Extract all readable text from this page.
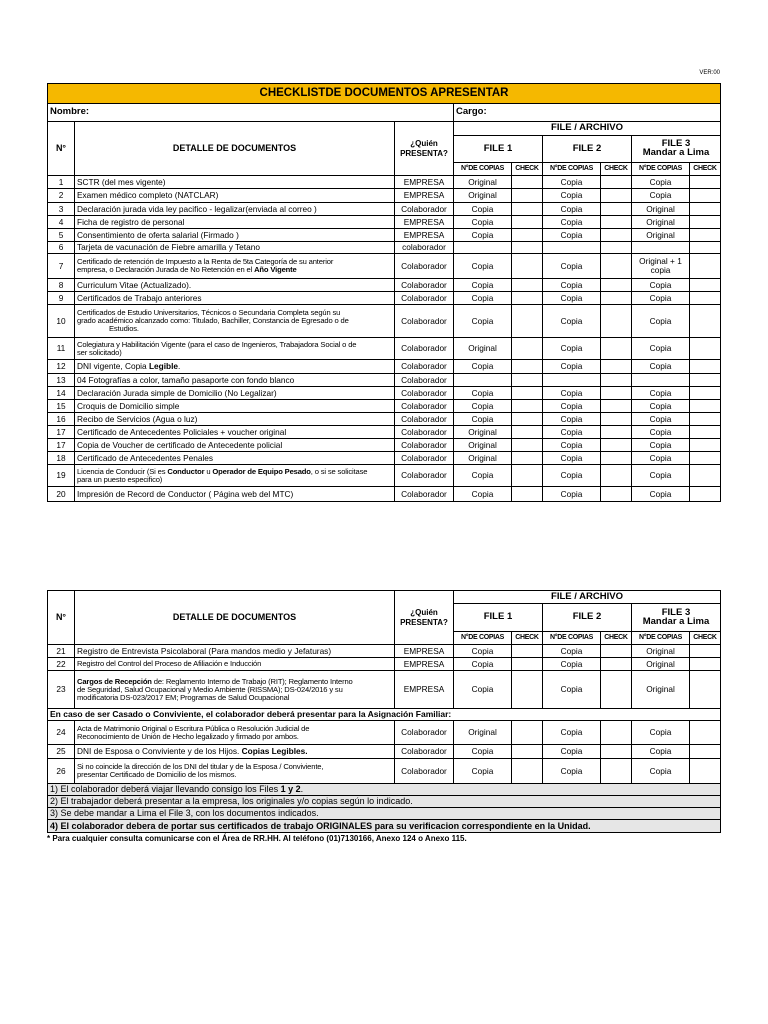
VER:00
CHECKLISTDE DOCUMENTOS APRESENTAR								
Nombre:			Cargo:					
N°	DETALLE DE DOCUMENTOS	¿Quién PRESENTA?	FILE / ARCHIVO					
			FILE 1		FILE 2		FILE 3
Mandar a Lima	
			N°DE COPIAS	CHECK	N°DE COPIAS	CHECK	N°DE COPIAS	CHECK
1	SCTR (del mes vigente)	EMPRESA	Original		Copia		Copia	
2	Examen médico completo (NATCLAR)	EMPRESA	Original		Copia		Copia	
3	Declaración jurada vida ley pacifico - legalizar(enviada al correo )	Colaborador	Copia		Copia		Original	
4	Ficha de registro de personal	EMPRESA	Copia		Copia		Original	
5	Consentimiento de oferta salarial (Firmado )	EMPRESA	Copia		Copia		Original	
6	Tarjeta de vacunación de Fiebre amarilla y Tetano	colaborador						
7	Certificado de retención de Impuesto a la Renta de 5ta Categoría de su anterior
empresa, o Declaración Jurada de No Retención en el Año Vigente	Colaborador	Copia		Copia		Original + 1
copia	
8	Curriculum Vitae (Actualizado).	Colaborador	Copia		Copia		Copia	
9	Certificados de Trabajo anteriores	Colaborador	Copia		Copia		Copia	
10	Certificados de Estudio Universitarios, Técnicos o Secundaria Completa según su
grado académico alcanzado como: Titulado, Bachiller, Constancia de Egresado o de
Estudios.	Colaborador	Copia		Copia		Copia	
11	Colegiatura y Habilitación Vigente (para el caso de Ingenieros, Trabajadora Social o de
ser solicitado)	Colaborador	Original		Copia		Copia	
12	DNI vigente, Copia Legible.	Colaborador	Copia		Copia		Copia	
13	04 Fotografías a color, tamaño pasaporte con fondo blanco	Colaborador						
14	Declaración Jurada simple de Domicilio (No Legalizar)	Colaborador	Copia		Copia		Copia	
15	Croquis de Domicilio simple	Colaborador	Copia		Copia		Copia	
16	Recibo de Servicios (Agua o luz)	Colaborador	Copia		Copia		Copia	
17	Certificado de Antecedentes Policiales + voucher original	Colaborador	Original		Copia		Copia	
17	Copia de Voucher de certificado de Antecedente policial	Colaborador	Original		Copia		Copia	
18	Certificado de Antecedentes Penales	Colaborador	Original		Copia		Copia	
19	Licencia de Conducir (Si es Conductor u Operador de Equipo Pesado, o si se solicitase
para un puesto especifico)	Colaborador	Copia		Copia		Copia	
20	Impresión de Record de Conductor ( Página web del MTC)	Colaborador	Copia		Copia		Copia	
N°	DETALLE DE DOCUMENTOS	¿Quién PRESENTA?	FILE / ARCHIVO					
			FILE 1		FILE 2		FILE 3
Mandar a Lima	
			N°DE COPIAS	CHECK	N°DE COPIAS	CHECK	N°DE COPIAS	CHECK
21	Registro de Entrevista Psicolaboral (Para mandos medio y Jefaturas)	EMPRESA	Copia		Copia		Original	
22	Registro del Control del Proceso de Afiliación e Inducción	EMPRESA	Copia		Copia		Original	
23	Cargos de Recepción de: Reglamento Interno de Trabajo (RIT); Reglamento Interno
de Seguridad, Salud Ocupacional y Medio Ambiente (RISSMA); DS-024/2016 y su
modificatoria DS-023/2017 EM; Programas de Salud Ocupacional	EMPRESA	Copia		Copia		Original	
En caso de ser Casado o Conviviente, el colaborador deberá presentar para la Asignación Familiar:								
24	Acta de Matrimonio Original o Escritura Pública o Resolución Judicial de
Reconocimiento de Unión de Hecho legalizado y firmado por ambos.	Colaborador	Original		Copia		Copia	
25	DNI de Esposa o Conviviente y de los Hijos. Copias Legibles.	Colaborador	Copia		Copia		Copia	
26	Si no coincide la dirección de los DNI del titular y de la Esposa / Conviviente,
presentar Certificado de Domicilio de los mismos.	Colaborador	Copia		Copia		Copia	
1) El colaborador deberá viajar llevando consigo los Files 1 y 2.								
2) El trabajador deberá presentar a la empresa, los originales y/o copias según lo indicado.								
3) Se debe mandar a Lima el File 3, con los documentos indicados.								
4) El colaborador debera de portar sus certificados de trabajo ORIGINALES para su verificacion correspondiente en la Unidad.								
* Para cualquier consulta comunicarse con el Área de RR.HH. Al teléfono (01)7130166, Anexo 124 o Anexo 115.
